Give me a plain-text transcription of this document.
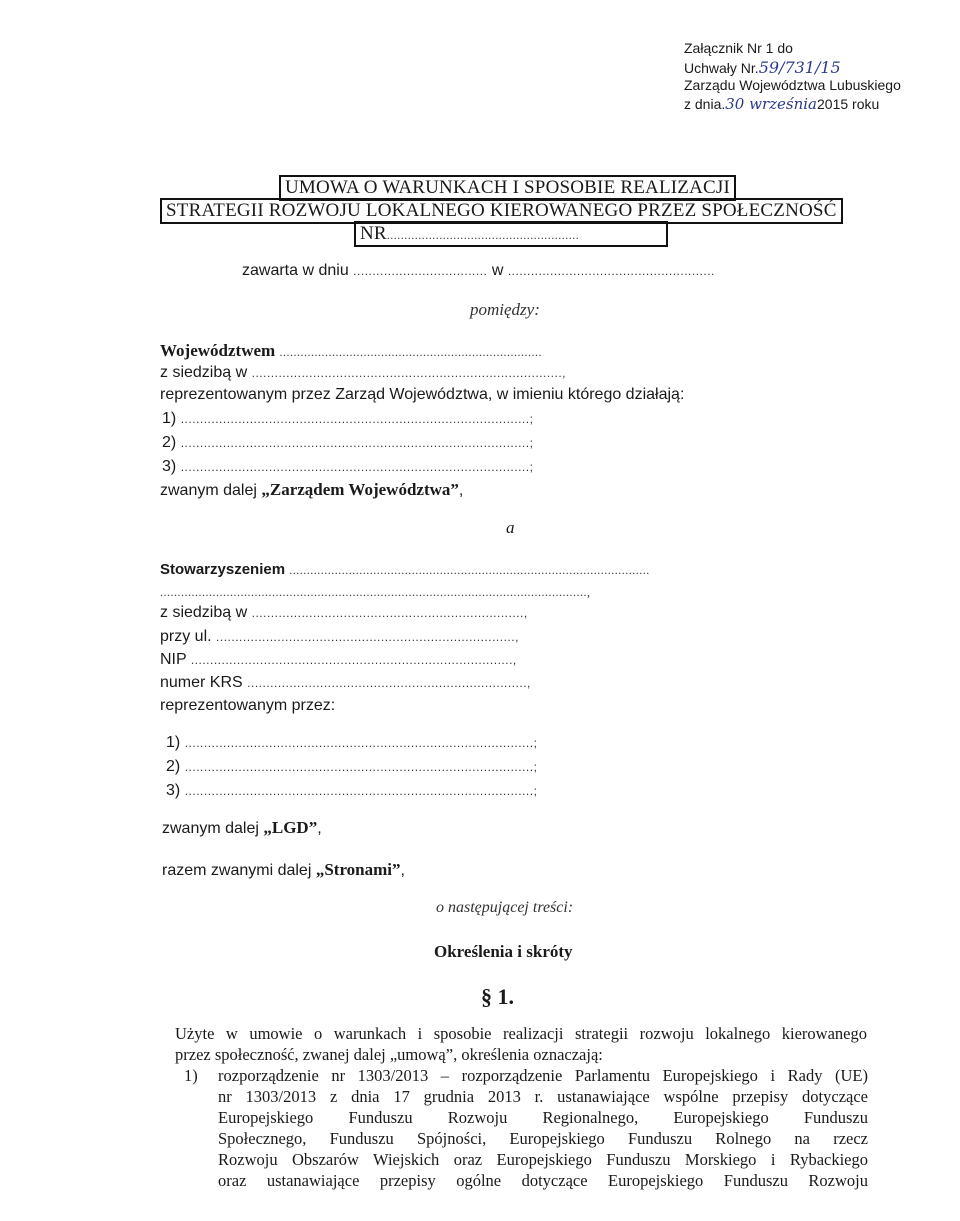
Załącznik Nr 1 do
Uchwały Nr.59/731/15
Zarządu Województwa Lubuskiego
z dnia.30 września2015 roku
UMOWA O WARUNKACH I SPOSOBIE REALIZACJI
STRATEGII ROZWOJU LOKALNEGO KIEROWANEGO PRZEZ SPOŁECZNOŚĆ
NR.......................................................
zawarta w dniu ................................... w ......................................................
pomiędzy:
Województwem ...........................................................................
z siedzibą w .................................................................................,
reprezentowanym przez Zarząd Województwa, w imieniu którego działają:
1) ...........................................................................................;
2) ...........................................................................................;
3) ...........................................................................................;
zwanym dalej „Zarządem Województwa”,
a
Stowarzyszeniem .......................................................................................................
..........................................................................................................................,
z siedzibą w .......................................................................,
przy ul. ..............................................................................,
NIP ....................................................................................,
numer KRS .........................................................................,
reprezentowanym przez:
1) ...........................................................................................;
2) ...........................................................................................;
3) ...........................................................................................;
zwanym dalej „LGD”,
razem zwanymi dalej „Stronami”,
o następującej treści:
Określenia i skróty
§ 1.
Użyte w umowie o warunkach i sposobie realizacji strategii rozwoju lokalnego kierowanego
przez społeczność, zwanej dalej „umową”, określenia oznaczają:
1) rozporządzenie nr 1303/2013 – rozporządzenie Parlamentu Europejskiego i Rady (UE)
nr 1303/2013 z dnia 17 grudnia 2013 r. ustanawiające wspólne przepisy dotyczące
Europejskiego Funduszu Rozwoju Regionalnego, Europejskiego Funduszu
Społecznego, Funduszu Spójności, Europejskiego Funduszu Rolnego na rzecz
Rozwoju Obszarów Wiejskich oraz Europejskiego Funduszu Morskiego i Rybackiego
oraz ustanawiające przepisy ogólne dotyczące Europejskiego Funduszu Rozwoju
